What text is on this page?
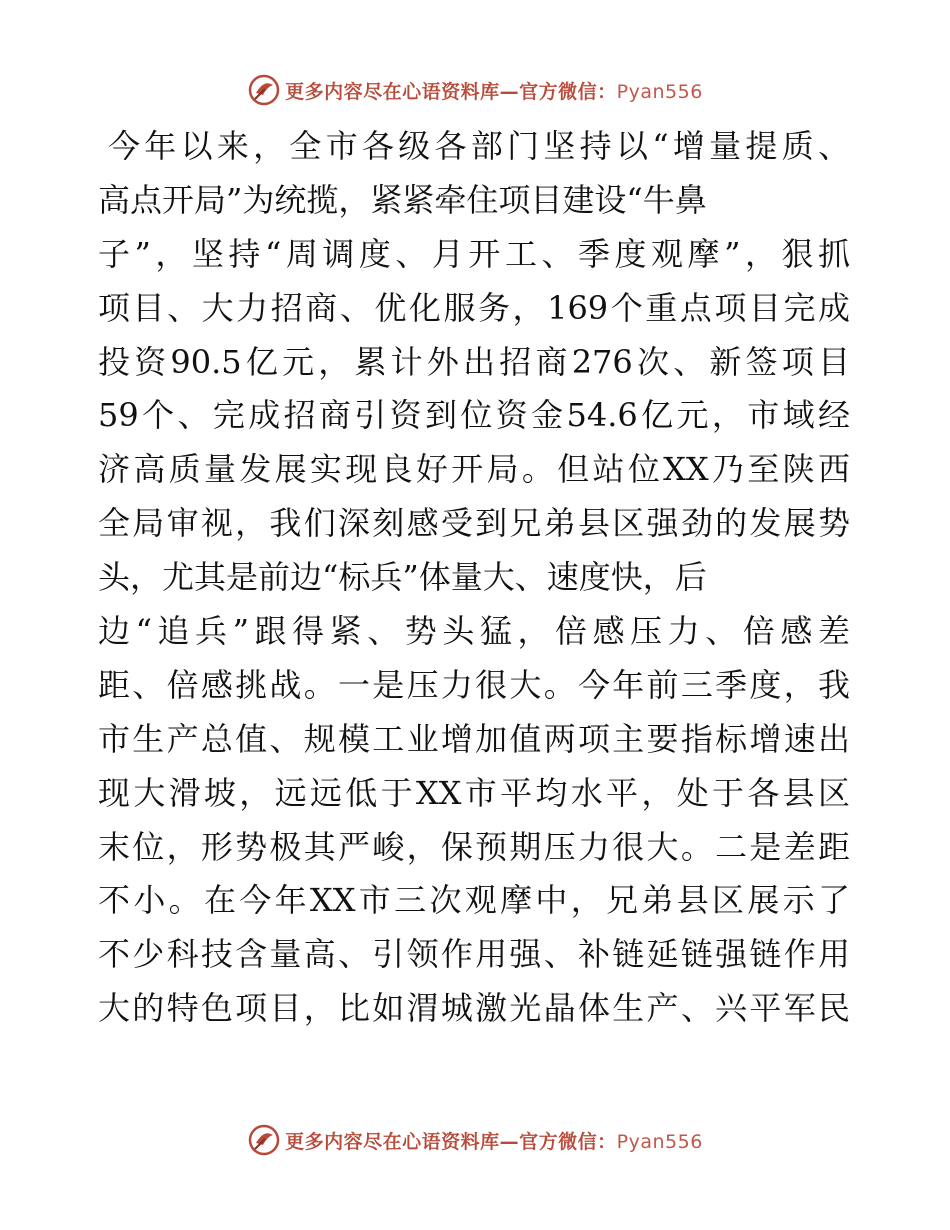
更多内容尽在心语资料库—官方微信：Pyan556
今年以来，全市各级各部门坚持以“增量提质、
高点开局”为统揽，紧紧牵住项目建设“牛鼻
子”，坚持“周调度、月开工、季度观摩”，狠抓
项目、大力招商、优化服务，169个重点项目完成
投资90.5亿元，累计外出招商276次、新签项目
59个、完成招商引资到位资金54.6亿元，市域经
济高质量发展实现良好开局。但站位XX乃至陕西
全局审视，我们深刻感受到兄弟县区强劲的发展势
头，尤其是前边“标兵”体量大、速度快，后
边“追兵”跟得紧、势头猛，倍感压力、倍感差
距、倍感挑战。一是压力很大。今年前三季度，我
市生产总值、规模工业增加值两项主要指标增速出
现大滑坡，远远低于XX市平均水平，处于各县区
末位，形势极其严峻，保预期压力很大。二是差距
不小。在今年XX市三次观摩中，兄弟县区展示了
不少科技含量高、引领作用强、补链延链强链作用
大的特色项目，比如渭城激光晶体生产、兴平军民
更多内容尽在心语资料库—官方微信：Pyan556
